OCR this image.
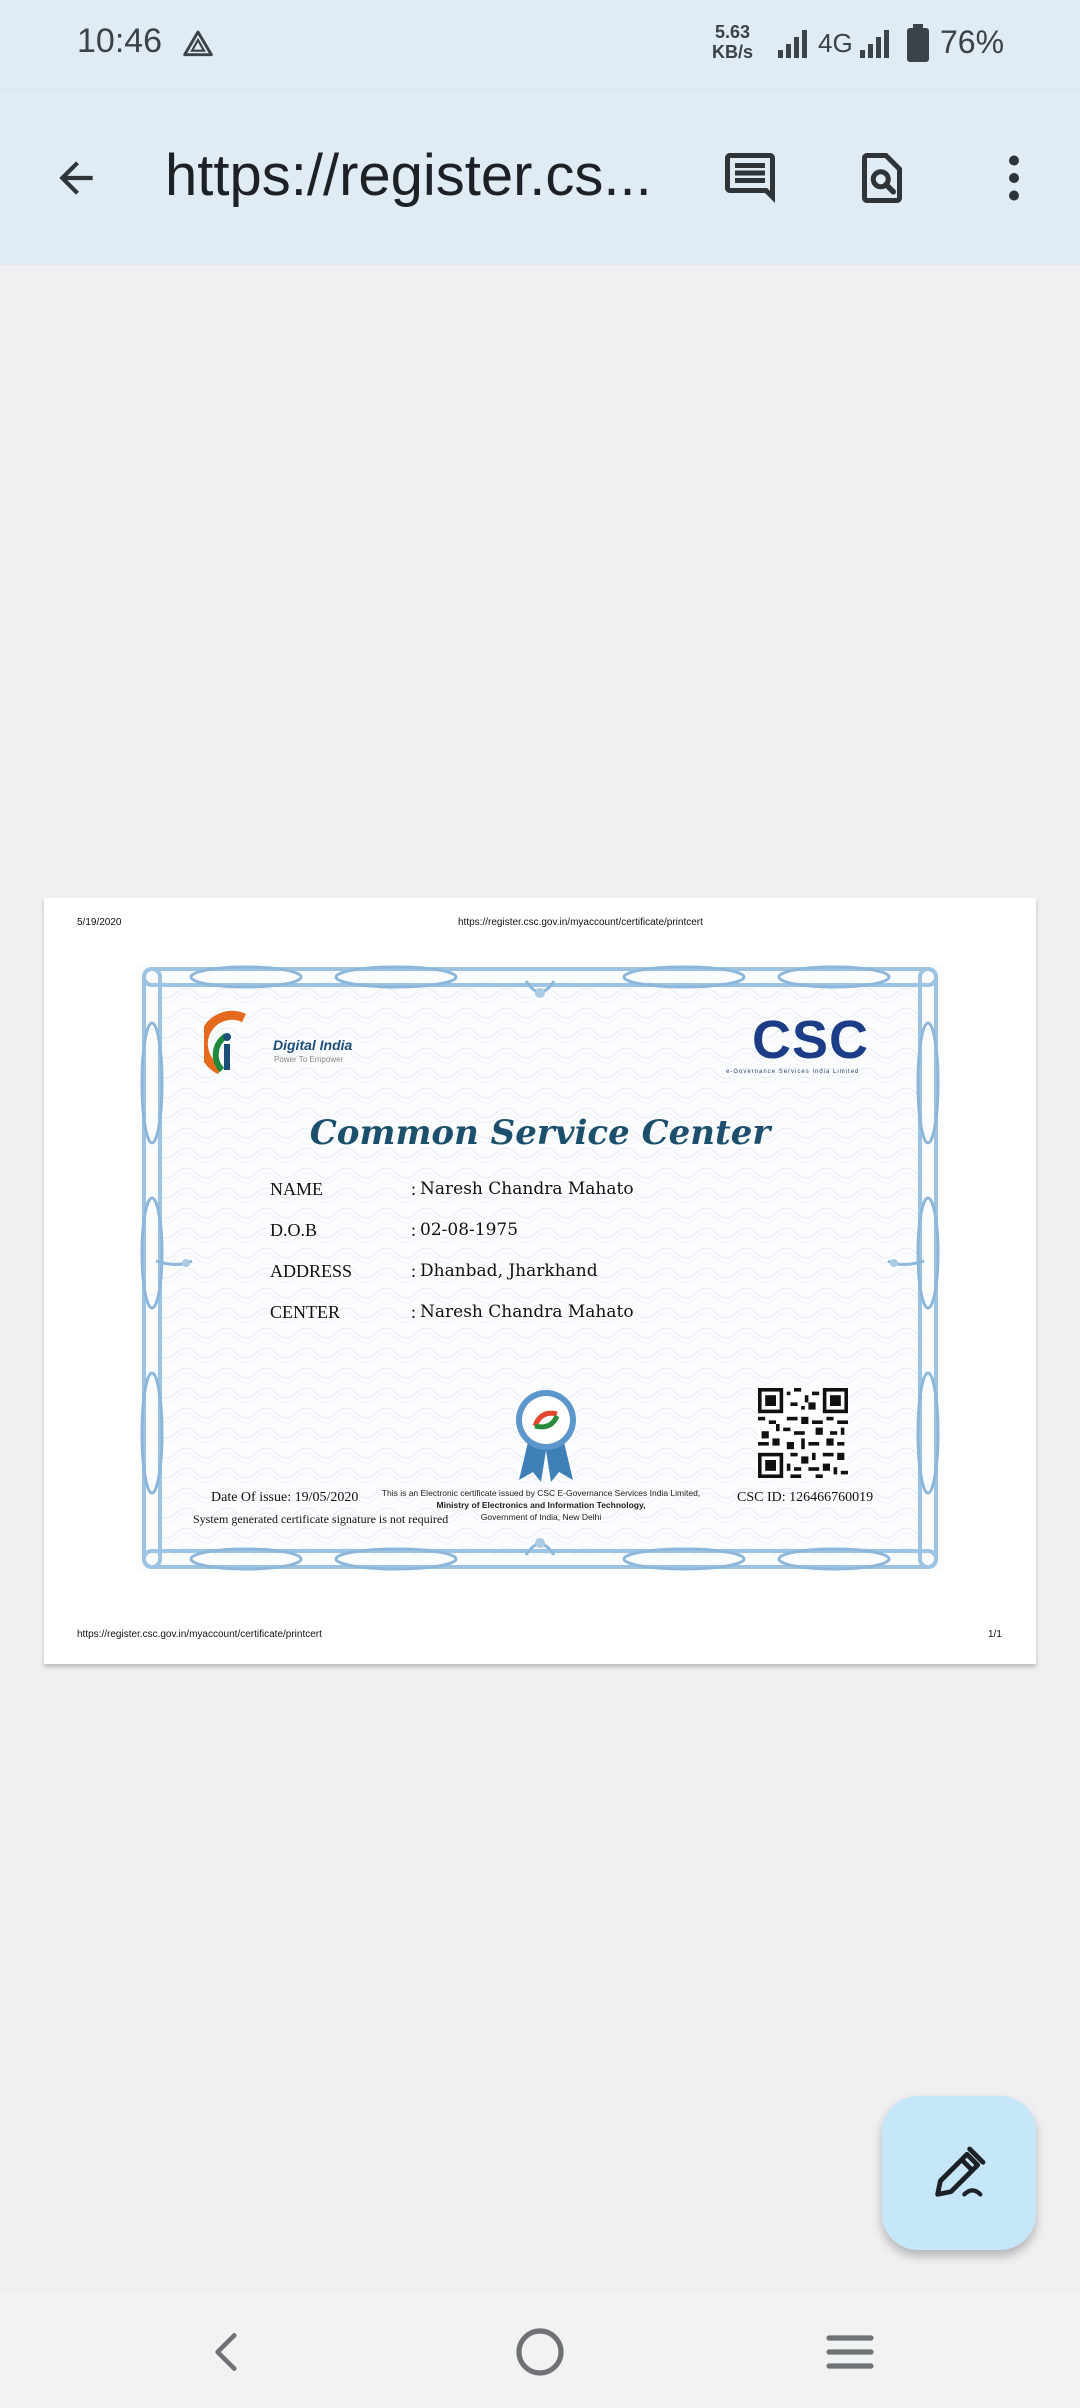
10:46	5.63
KB/s 4G	76%
https://register.cs...
5/19/2020	https://register.csc.gov.in/myaccount/certificate/printcert
Digital India
Power To Empower	CSC
e-Governance Services India Limited
Common Service Center
NAME	: Naresh Chandra Mahato
D.O.B	: 02-08-1975
ADDRESS	: Dhanbad, Jharkhand
CENTER	: Naresh Chandra Mahato
Date Of issue: 19/05/2020
System generated certificate signature is not required
This is an Electronic certificate issued by CSC E-Governance Services India Limited,
Ministry of Electronics and Information Technology,
Government of India, New Delhi
CSC ID: 126466760019
https://register.csc.gov.in/myaccount/certificate/printcert	1/1
